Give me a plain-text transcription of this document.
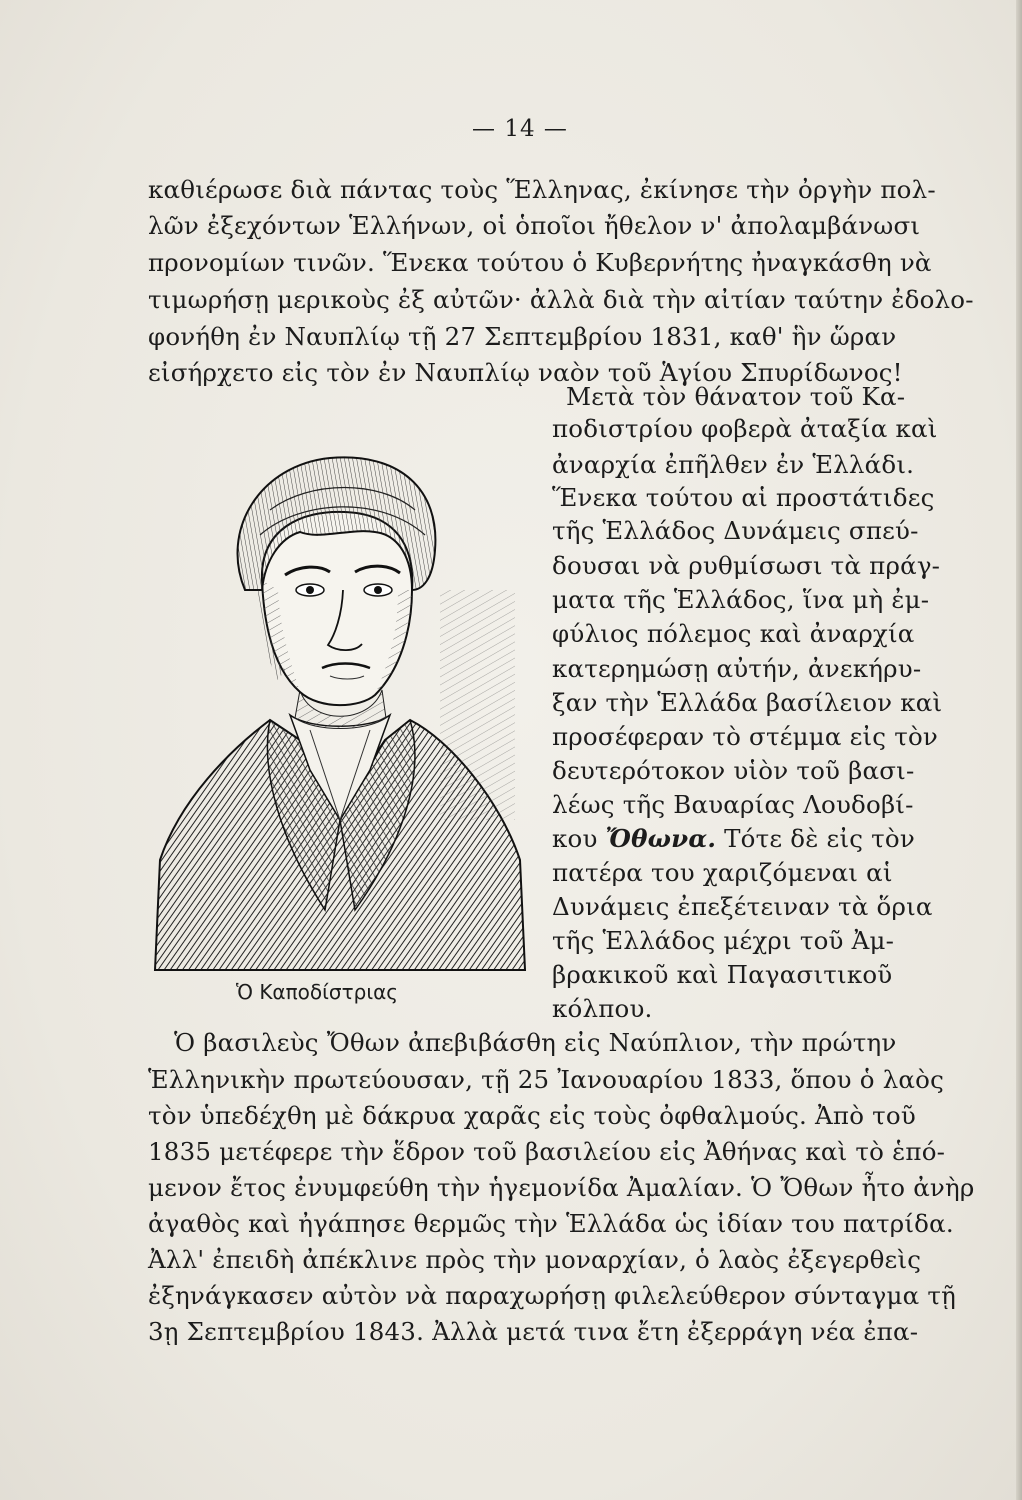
— 14 —
καθιέρωσε διὰ πάντας τοὺς Ἕλληνας, ἐκίνησε τὴν ὀργὴν πολ-
λῶν ἐξεχόντων Ἑλλήνων, οἱ ὁποῖοι ἤθελον ν' ἀπολαμβάνωσι
προνομίων τινῶν. Ἕνεκα τούτου ὁ Κυβερνήτης ἠναγκάσθη νὰ
τιμωρήσῃ μερικοὺς ἐξ αὐτῶν· ἀλλὰ διὰ τὴν αἰτίαν ταύτην ἐδολο-
φονήθη ἐν Ναυπλίῳ τῇ 27 Σεπτεμβρίου 1831, καθ' ἣν ὥραν
εἰσήρχετο εἰς τὸν ἐν Ναυπλίῳ ναὸν τοῦ Ἁγίου Σπυρίδωνος!
Ὁ Καποδίστριας
Μετὰ τὸν θάνατον τοῦ Κα-
ποδιστρίου φοβερὰ ἀταξία καὶ
ἀναρχία ἐπῆλθεν ἐν Ἑλλάδι.
Ἕνεκα τούτου αἱ προστάτιδες
τῆς Ἑλλάδος Δυνάμεις σπεύ-
δουσαι νὰ ρυθμίσωσι τὰ πράγ-
ματα τῆς Ἑλλάδος, ἵνα μὴ ἐμ-
φύλιος πόλεμος καὶ ἀναρχία
κατερημώσῃ αὐτήν, ἀνεκήρυ-
ξαν τὴν Ἑλλάδα βασίλειον καὶ
προσέφεραν τὸ στέμμα εἰς τὸν
δευτερότοκον υἱὸν τοῦ βασι-
λέως τῆς Βαυαρίας Λουδοβί-
κου Ὄθωνα. Τότε δὲ εἰς τὸν
πατέρα του χαριζόμεναι αἱ
Δυνάμεις ἐπεξέτειναν τὰ ὅρια
τῆς Ἑλλάδος μέχρι τοῦ Ἀμ-
βρακικοῦ καὶ Παγασιτικοῦ
κόλπου.
Ὁ βασιλεὺς Ὄθων ἀπεβιβάσθη εἰς Ναύπλιον, τὴν πρώτην
Ἑλληνικὴν πρωτεύουσαν, τῇ 25 Ἰανουαρίου 1833, ὅπου ὁ λαὸς
τὸν ὑπεδέχθη μὲ δάκρυα χαρᾶς εἰς τοὺς ὀφθαλμούς. Ἀπὸ τοῦ
1835 μετέφερε τὴν ἕδρον τοῦ βασιλείου εἰς Ἀθήνας καὶ τὸ ἑπό-
μενον ἔτος ἐνυμφεύθη τὴν ἡγεμονίδα Ἀμαλίαν. Ὁ Ὄθων ἦτο ἀνὴρ
ἀγαθὸς καὶ ἠγάπησε θερμῶς τὴν Ἑλλάδα ὡς ἰδίαν του πατρίδα.
Ἀλλ' ἐπειδὴ ἀπέκλινε πρὸς τὴν μοναρχίαν, ὁ λαὸς ἐξεγερθεὶς
ἐξηνάγκασεν αὐτὸν νὰ παραχωρήσῃ φιλελεύθερον σύνταγμα τῇ
3ῃ Σεπτεμβρίου 1843. Ἀλλὰ μετά τινα ἔτη ἐξερράγη νέα ἐπα-
